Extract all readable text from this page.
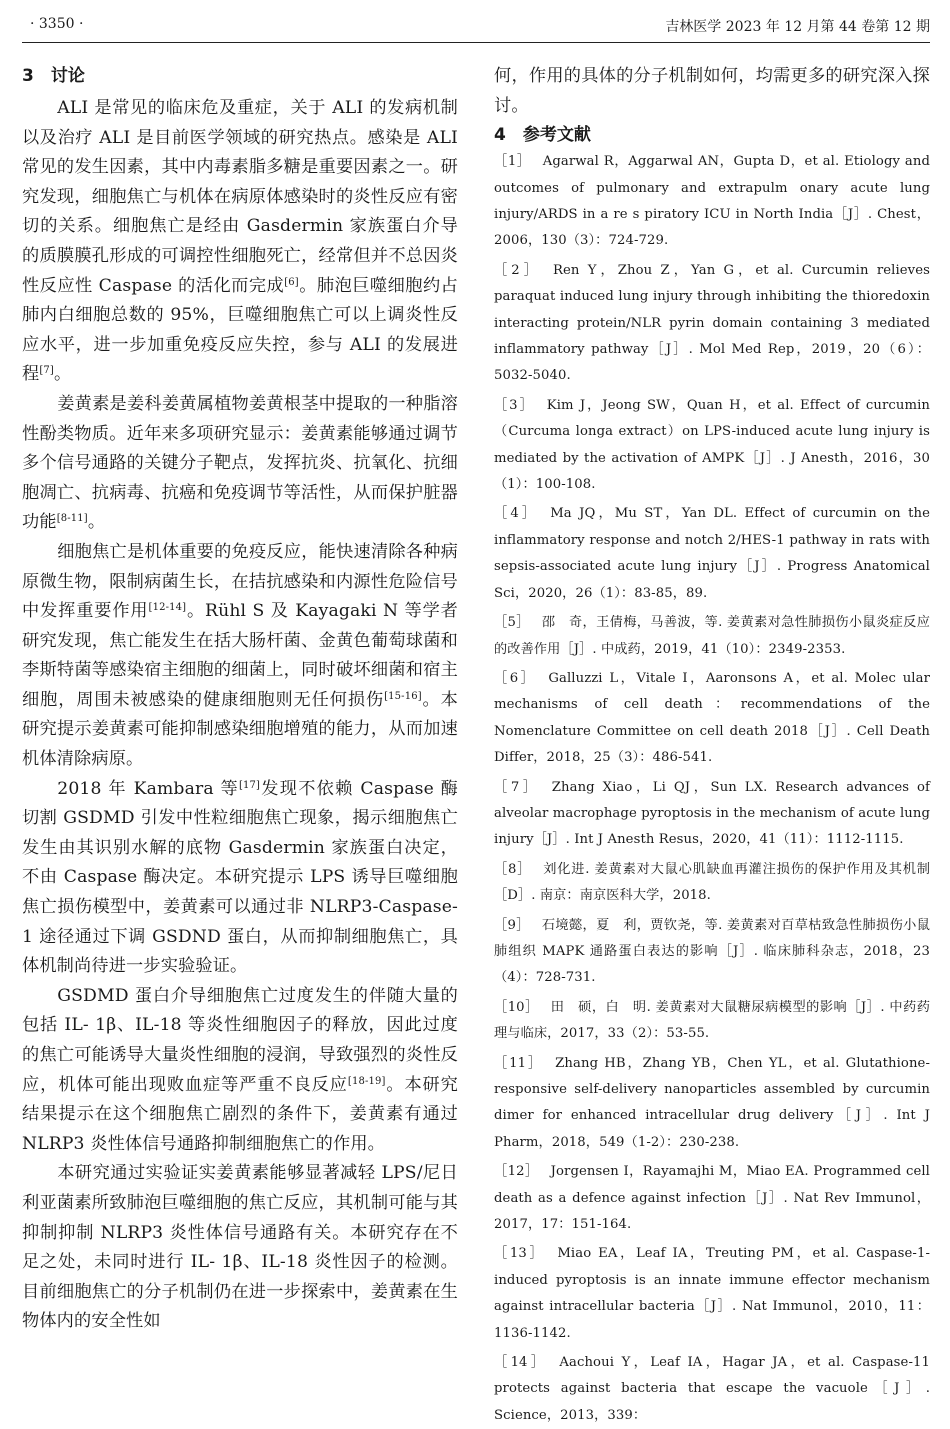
· 3350 ·	吉林医学 2023 年 12 月第 44 卷第 12 期
3　讨论

ALI 是常见的临床危及重症，关于 ALI 的发病机制以及治疗 ALI 是目前医学领域的研究热点。感染是 ALI 常见的发生因素，其中内毒素脂多糖是重要因素之一。研究发现，细胞焦亡与机体在病原体感染时的炎性反应有密切的关系。细胞焦亡是经由 Gasdermin 家族蛋白介导的质膜膜孔形成的可调控性细胞死亡，经常但并不总因炎性反应性 Caspase 的活化而完成[6]。肺泡巨噬细胞约占肺内白细胞总数的 95%，巨噬细胞焦亡可以上调炎性反应水平，进一步加重免疫反应失控，参与 ALI 的发展进程[7]。

姜黄素是姜科姜黄属植物姜黄根茎中提取的一种脂溶性酚类物质。近年来多项研究显示：姜黄素能够通过调节多个信号通路的关键分子靶点，发挥抗炎、抗氧化、抗细胞凋亡、抗病毒、抗癌和免疫调节等活性，从而保护脏器功能[8-11]。

细胞焦亡是机体重要的免疫反应，能快速清除各种病原微生物，限制病菌生长，在拮抗感染和内源性危险信号中发挥重要作用[12-14]。Rühl S 及 Kayagaki N 等学者研究发现，焦亡能发生在括大肠杆菌、金黄色葡萄球菌和李斯特菌等感染宿主细胞的细菌上，同时破坏细菌和宿主细胞，周围未被感染的健康细胞则无任何损伤[15-16]。本研究提示姜黄素可能抑制感染细胞增殖的能力，从而加速机体清除病原。

2018 年 Kambara 等[17]发现不依赖 Caspase 酶切割 GSDMD 引发中性粒细胞焦亡现象，揭示细胞焦亡发生由其识别水解的底物 Gasdermin 家族蛋白决定，不由 Caspase 酶决定。本研究提示 LPS 诱导巨噬细胞焦亡损伤模型中，姜黄素可以通过非 NLRP3-Caspase-1 途径通过下调 GSDND 蛋白，从而抑制细胞焦亡，具体机制尚待进一步实验验证。

GSDMD 蛋白介导细胞焦亡过度发生的伴随大量的包括 IL- 1β、IL-18 等炎性细胞因子的释放，因此过度的焦亡可能诱导大量炎性细胞的浸润，导致强烈的炎性反应，机体可能出现败血症等严重不良反应[18-19]。本研究结果提示在这个细胞焦亡剧烈的条件下，姜黄素有通过 NLRP3 炎性体信号通路抑制细胞焦亡的作用。

本研究通过实验证实姜黄素能够显著减轻 LPS/尼日利亚菌素所致肺泡巨噬细胞的焦亡反应，其机制可能与其抑制抑制 NLRP3 炎性体信号通路有关。本研究存在不足之处，未同时进行 IL- 1β、IL-18 炎性因子的检测。目前细胞焦亡的分子机制仍在进一步探索中，姜黄素在生物体内的安全性如

何，作用的具体的分子机制如何，均需更多的研究深入探讨。

4　参考文献

［1］ Agarwal R，Aggarwal AN，Gupta D，et al. Etiology and outcomes of pulmonary and extrapulm onary acute lung injury/ARDS in a re s piratory ICU in North India［J］. Chest，2006，130（3）：724-729.

［2］ Ren Y，Zhou Z，Yan G，et al. Curcumin relieves paraquat induced lung injury through inhibiting the thioredoxin interacting protein/NLR pyrin domain containing 3 mediated inflammatory pathway［J］. Mol Med Rep，2019，20（6）：5032-5040.

［3］ Kim J，Jeong SW，Quan H，et al. Effect of curcumin（Curcuma longa extract）on LPS-induced acute lung injury is mediated by the activation of AMPK［J］. J Anesth，2016，30（1）：100-108.

［4］ Ma JQ，Mu ST，Yan DL. Effect of curcumin on the inflammatory response and notch 2/HES-1 pathway in rats with sepsis-associated acute lung injury［J］. Progress Anatomical Sci，2020，26（1）：83-85，89.

［5］ 邵　奇，王倩梅，马善波，等. 姜黄素对急性肺损伤小鼠炎症反应的改善作用［J］. 中成药，2019，41（10）：2349-2353.

［6］ Galluzzi L，Vitale I，Aaronsons A，et al. Molec ular mechanisms of cell death：recommendations of the Nomenclature Committee on cell death 2018［J］. Cell Death Differ，2018，25（3）：486-541.

［7］ Zhang Xiao，Li QJ，Sun LX. Research advances of alveolar macrophage pyroptosis in the mechanism of acute lung injury［J］. Int J Anesth Resus，2020，41（11）：1112-1115.

［8］ 刘化进. 姜黄素对大鼠心肌缺血再灌注损伤的保护作用及其机制［D］. 南京：南京医科大学，2018.

［9］ 石境懿，夏　利，贾钦尧，等. 姜黄素对百草枯致急性肺损伤小鼠肺组织 MAPK 通路蛋白表达的影响［J］. 临床肺科杂志，2018，23（4）：728-731.

［10］ 田　硕，白　明. 姜黄素对大鼠糖尿病模型的影响［J］. 中药药理与临床，2017，33（2）：53-55.

［11］ Zhang HB，Zhang YB，Chen YL，et al. Glutathione-responsive self-delivery nanoparticles assembled by curcumin dimer for enhanced intracellular drug delivery［J］. Int J Pharm，2018，549（1-2）：230-238.

［12］ Jorgensen I，Rayamajhi M，Miao EA. Programmed cell death as a defence against infection［J］. Nat Rev Immunol，2017，17：151-164.

［13］ Miao EA，Leaf IA，Treuting PM，et al. Caspase-1-induced pyroptosis is an innate immune effector mechanism against intracellular bacteria［J］. Nat Immunol，2010，11：1136-1142.

［14］ Aachoui Y，Leaf IA，Hagar JA，et al. Caspase-11 protects against bacteria that escape the vacuole［J］. Science，2013，339：
